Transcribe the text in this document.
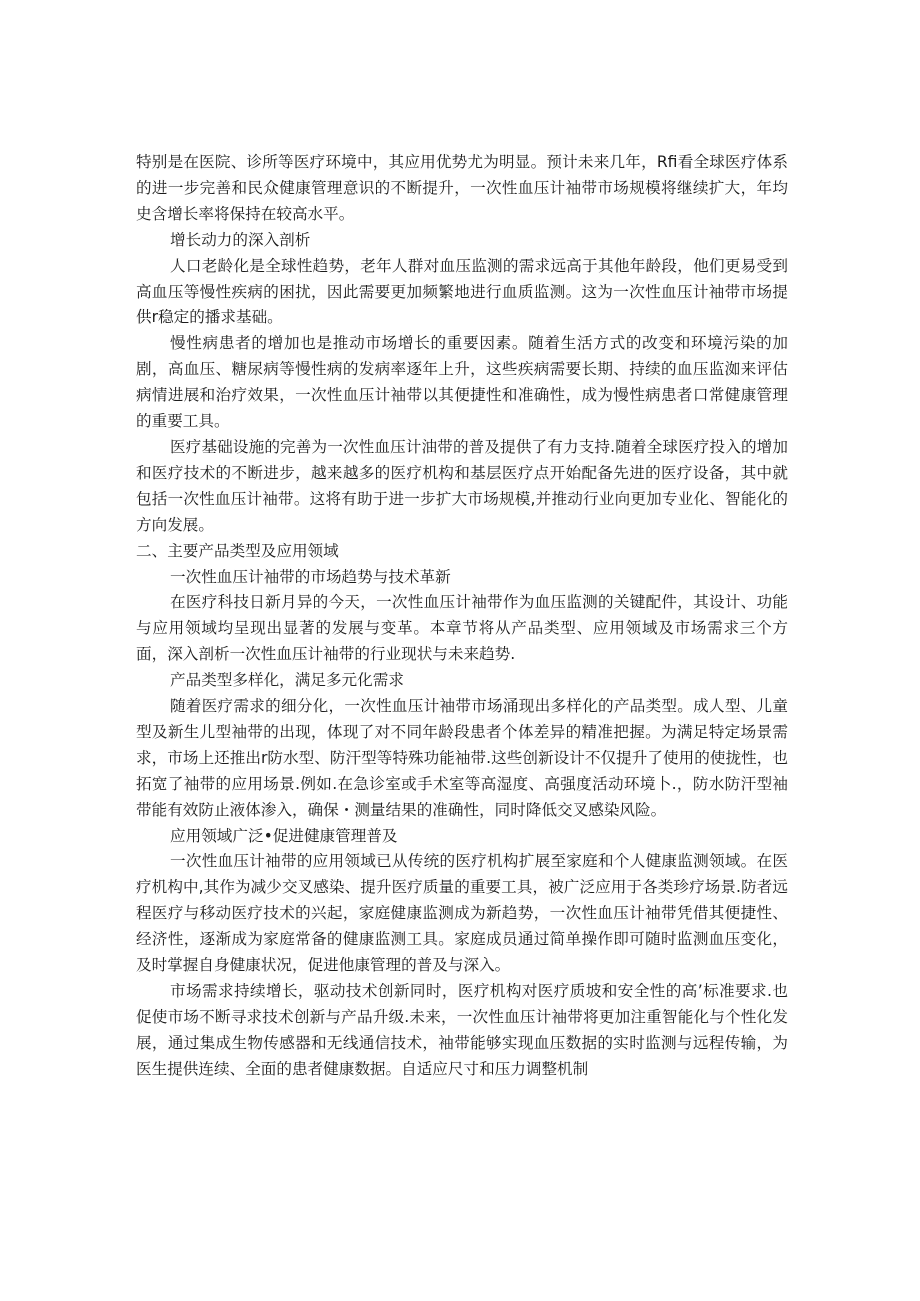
特别是在医院、诊所等医疗环境中，其应用优势尤为明显。预计未来几年，Rfi看全球医疗体系的进一步完善和民众健康管理意识的不断提升，一次性血压计袖带市场规模将继续扩大，年均史含增长率将保持在较高水平。

增长动力的深入剖析

人口老龄化是全球性趋势，老年人群对血压监测的需求远高于其他年龄段，他们更易受到高血压等慢性疾病的困扰，因此需要更加频繁地进行血质监测。这为一次性血压计袖带市场提供r稳定的播求基础。

慢性病患者的增加也是推动市场增长的重要因素。随着生活方式的改变和环境污染的加剧，高血压、糖尿病等慢性病的发病率逐年上升，这些疾病需要长期、持续的血压监洳来评估病情进展和治疗效果，一次性血压计袖带以其便捷性和准确性，成为慢性病患者口常健康管理的重要工具。

医疗基础设施的完善为一次性血压计油带的普及提供了有力支持.随着全球医疗投入的增加和医疗技术的不断进步，越来越多的医疗机构和基层医疗点开始配备先进的医疗设备，其中就包括一次性血压计袖带。这将有助于进一步扩大市场规模,并推动行业向更加专业化、智能化的方向发展。

二、主要产品类型及应用领域

一次性血压计袖带的市场趋势与技术革新

在医疗科技日新月异的今天，一次性血压计袖带作为血压监测的关键配件，其设计、功能与应用领域均呈现出显著的发展与变革。本章节将从产品类型、应用领域及市场需求三个方面，深入剖析一次性血压计袖带的行业现状与未来趋势.

产品类型多样化，满足多元化需求

随着医疗需求的细分化，一次性血压计袖带市场涌现出多样化的产品类型。成人型、儿童型及新生儿型袖带的出现，体现了对不同年龄段患者个体差异的精准把握。为满足特定场景需求，市场上还推出r防水型、防汗型等特殊功能袖带.这些创新设计不仅提升了使用的使拢性，也拓宽了袖带的应用场景.例如.在急诊室或手术室等高湿度、高强度活动环境卜.，防水防汗型袖带能有效防止液体渗入，确保・测量结果的准确性，同时降低交叉感染风险。

应用领域广泛•促进健康管理普及

一次性血压计袖带的应用领域已从传统的医疗机构扩展至家庭和个人健康监测领域。在医疗机构中,其作为减少交叉感染、提升医疗质量的重要工具，被广泛应用于各类珍疗场景.防者远程医疗与移动医疗技术的兴起，家庭健康监测成为新趋势，一次性血压计袖带凭借其便捷性、经济性，逐渐成为家庭常备的健康监测工具。家庭成员通过简单操作即可随时监测血压变化，及时掌握自身健康状况，促进他康管理的普及与深入。

市场需求持续增长，驱动技术创新同时，医疗机构对医疗质坡和安全性的高’标准要求.也促使市场不断寻求技术创新与产品升级.未来，一次性血压计袖带将更加注重智能化与个性化发展，通过集成生物传感器和无线通信技术，袖带能够实现血压数据的实时监测与远程传输，为医生提供连续、全面的患者健康数据。自适应尺寸和压力调整机制
